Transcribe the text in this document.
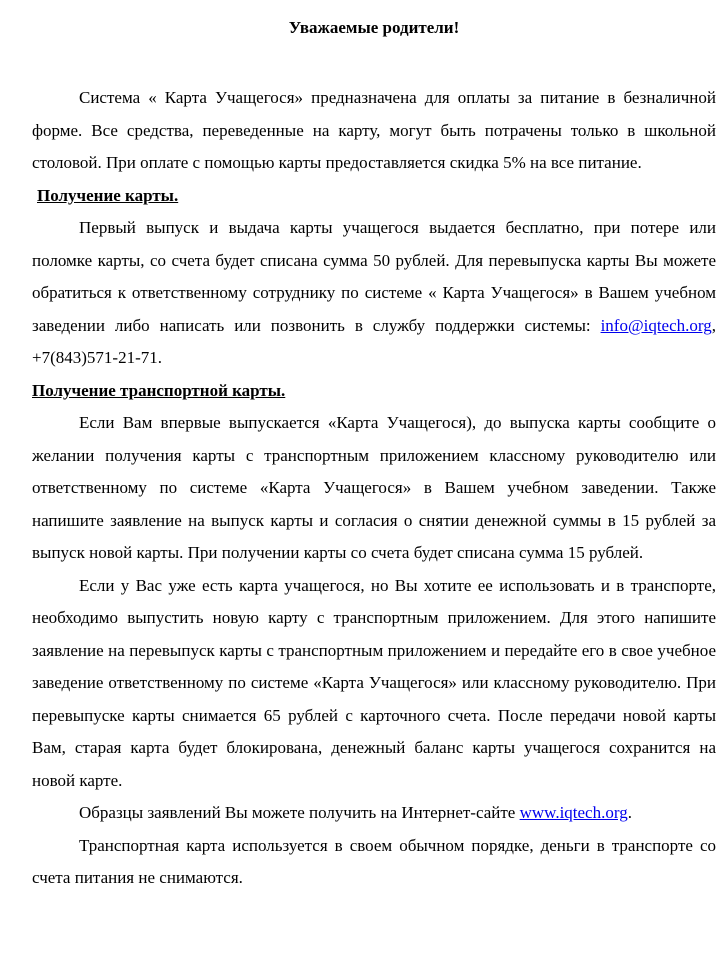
Уважаемые родители!

Система « Карта Учащегося» предназначена для оплаты за питание в безналичной форме. Все средства, переведенные на карту, могут быть потрачены только в школьной столовой. При оплате с помощью карты предоставляется скидка 5% на все питание.

Получение карты.

Первый выпуск и выдача карты учащегося выдается бесплатно, при потере или поломке карты, со счета будет списана сумма 50 рублей. Для перевыпуска карты Вы можете обратиться к ответственному сотруднику по системе « Карта Учащегося» в Вашем учебном заведении либо написать или позвонить в службу поддержки системы: info@iqtech.org, +7(843)571-21-71.

Получение транспортной карты.

Если Вам впервые выпускается «Карта Учащегося), до выпуска карты сообщите о желании получения карты с транспортным приложением классному руководителю или ответственному по системе «Карта Учащегося» в Вашем учебном заведении. Также напишите заявление на выпуск карты и согласия о снятии денежной суммы в 15 рублей за выпуск новой карты. При получении карты со счета будет списана сумма 15 рублей.

Если у Вас уже есть карта учащегося, но Вы хотите ее использовать и в транспорте, необходимо выпустить новую карту с транспортным приложением. Для этого напишите заявление на перевыпуск карты с транспортным приложением и передайте его в свое учебное заведение ответственному по системе «Карта Учащегося» или классному руководителю. При перевыпуске карты снимается 65 рублей с карточного счета. После передачи новой карты Вам, старая карта будет блокирована, денежный баланс карты учащегося сохранится на новой карте.

Образцы заявлений Вы можете получить на Интернет-сайте www.iqtech.org.

Транспортная карта используется в своем обычном порядке, деньги в транспорте со счета питания не снимаются.
